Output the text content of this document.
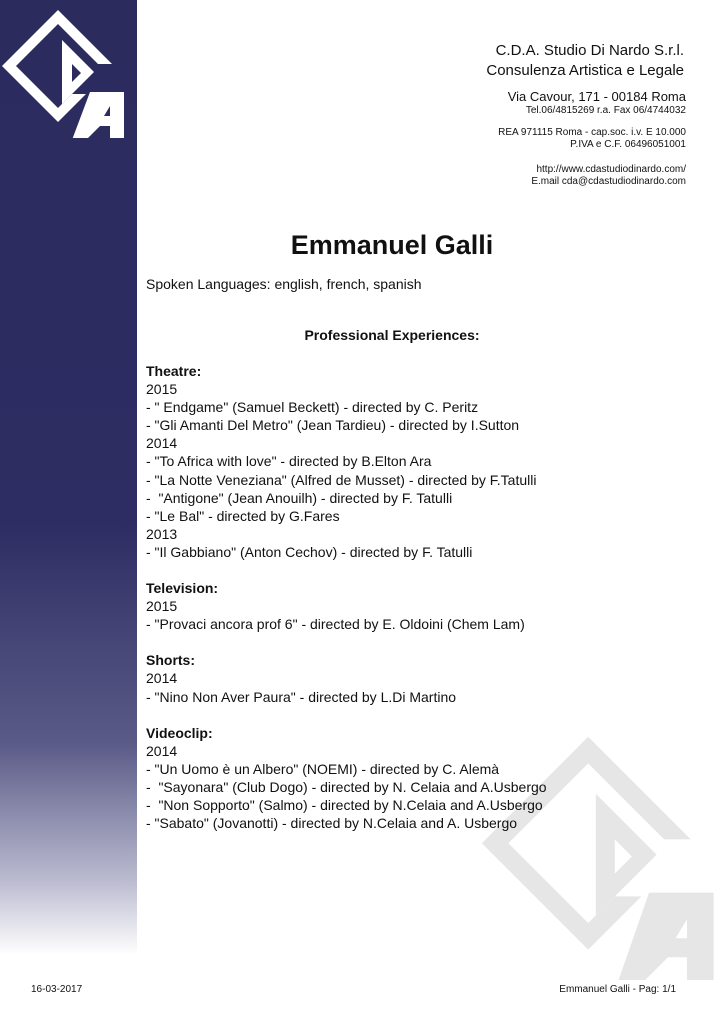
C.D.A. Studio Di Nardo S.r.l.
Consulenza Artistica e Legale
Via Cavour, 171 - 00184 Roma
Tel.06/4815269 r.a. Fax 06/4744032
REA 971115 Roma - cap.soc. i.v. E 10.000
P.IVA e C.F. 06496051001
http://www.cdastudiodinardo.com/
E.mail cda@cdastudiodinardo.com
Emmanuel Galli
Spoken Languages: english, french, spanish
Professional Experiences:
Theatre:
2015
- " Endgame" (Samuel Beckett) - directed by C. Peritz
- "Gli Amanti Del Metro" (Jean Tardieu) - directed by I.Sutton
2014
- "To Africa with love" - directed by B.Elton Ara
- "La Notte Veneziana" (Alfred de Musset) - directed by F.Tatulli
-  "Antigone" (Jean Anouilh) - directed by F. Tatulli
- "Le Bal" - directed by G.Fares
2013
- "Il Gabbiano" (Anton Cechov) - directed by F. Tatulli
Television:
2015
- "Provaci ancora prof 6" - directed by E. Oldoini (Chem Lam)
Shorts:
2014
- "Nino Non Aver Paura" - directed by L.Di Martino
Videoclip:
2014
- "Un Uomo è un Albero" (NOEMI) - directed by C. Alemà
-  "Sayonara" (Club Dogo) - directed by N. Celaia and A.Usbergo
-  "Non Sopporto" (Salmo) - directed by N.Celaia and A.Usbergo
- "Sabato" (Jovanotti) - directed by N.Celaia and A. Usbergo
16-03-2017	Emmanuel Galli - Pag: 1/1
